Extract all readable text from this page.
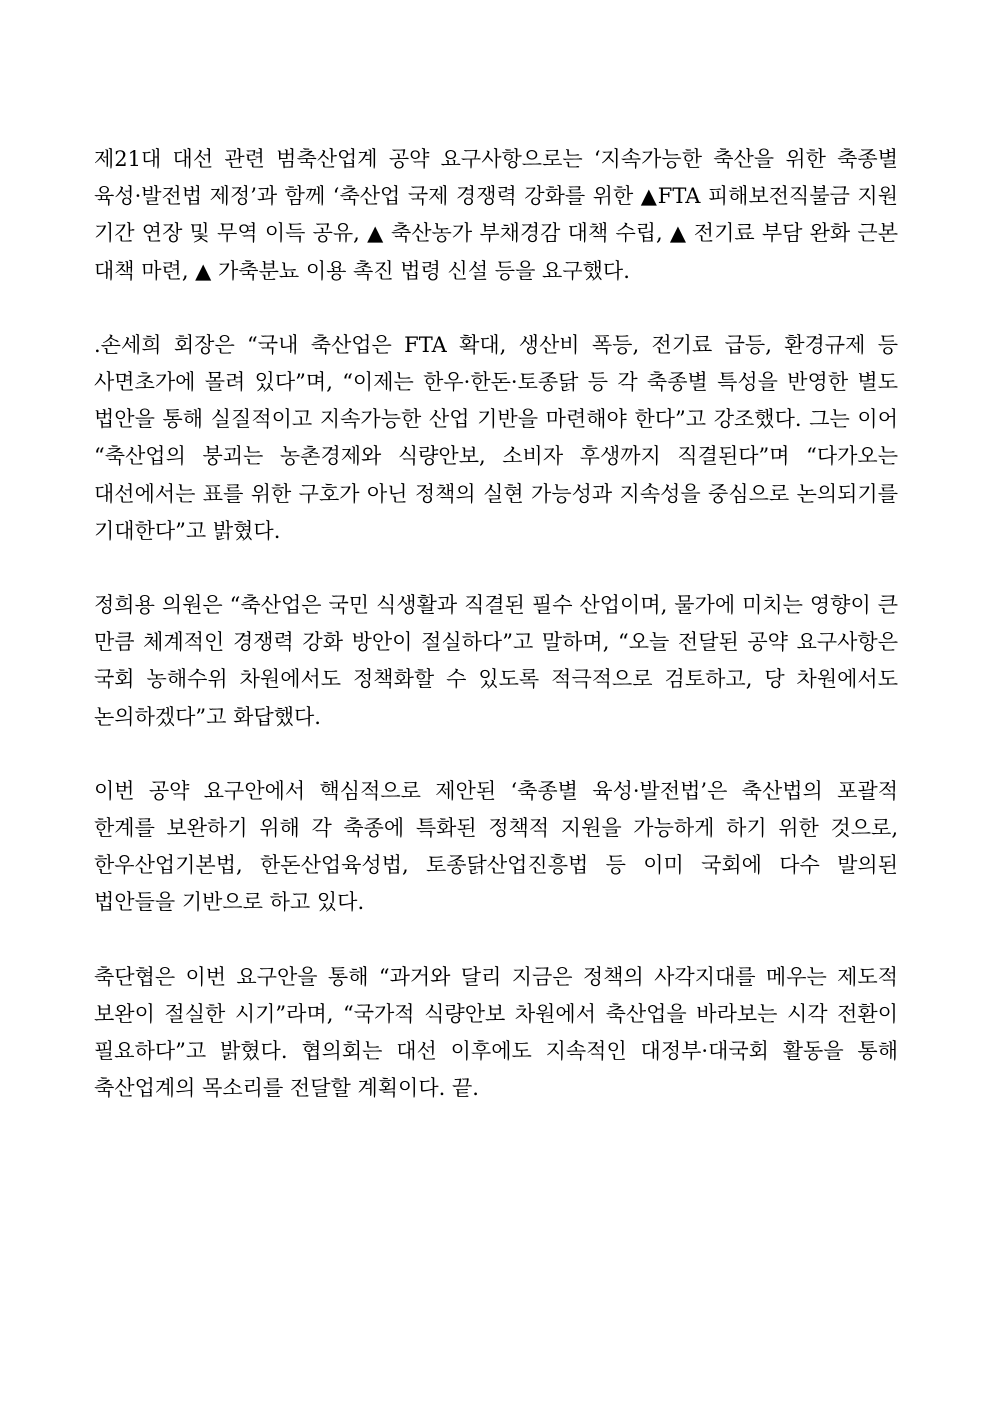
제21대 대선 관련 범축산업계 공약 요구사항으로는 ‘지속가능한 축산을 위한 축종별 육성·발전법 제정’과 함께 ‘축산업 국제 경쟁력 강화를 위한 ▲FTA 피해보전직불금 지원 기간 연장 및 무역 이득 공유, ▲ 축산농가 부채경감 대책 수립, ▲ 전기료 부담 완화 근본 대책 마련, ▲ 가축분뇨 이용 촉진 법령 신설 등을 요구했다.

.손세희 회장은 “국내 축산업은 FTA 확대, 생산비 폭등, 전기료 급등, 환경규제 등 사면초가에 몰려 있다”며, “이제는 한우·한돈·토종닭 등 각 축종별 특성을 반영한 별도 법안을 통해 실질적이고 지속가능한 산업 기반을 마련해야 한다”고 강조했다. 그는 이어 “축산업의 붕괴는 농촌경제와 식량안보, 소비자 후생까지 직결된다”며 “다가오는 대선에서는 표를 위한 구호가 아닌 정책의 실현 가능성과 지속성을 중심으로 논의되기를 기대한다”고 밝혔다.

정희용 의원은 “축산업은 국민 식생활과 직결된 필수 산업이며, 물가에 미치는 영향이 큰 만큼 체계적인 경쟁력 강화 방안이 절실하다”고 말하며, “오늘 전달된 공약 요구사항은 국회 농해수위 차원에서도 정책화할 수 있도록 적극적으로 검토하고, 당 차원에서도 논의하겠다”고 화답했다.

이번 공약 요구안에서 핵심적으로 제안된 ‘축종별 육성·발전법’은 축산법의 포괄적 한계를 보완하기 위해 각 축종에 특화된 정책적 지원을 가능하게 하기 위한 것으로, 한우산업기본법, 한돈산업육성법, 토종닭산업진흥법 등 이미 국회에 다수 발의된 법안들을 기반으로 하고 있다.

축단협은 이번 요구안을 통해 “과거와 달리 지금은 정책의 사각지대를 메우는 제도적 보완이 절실한 시기”라며, “국가적 식량안보 차원에서 축산업을 바라보는 시각 전환이 필요하다”고 밝혔다. 협의회는 대선 이후에도 지속적인 대정부·대국회 활동을 통해 축산업계의 목소리를 전달할 계획이다. 끝.
